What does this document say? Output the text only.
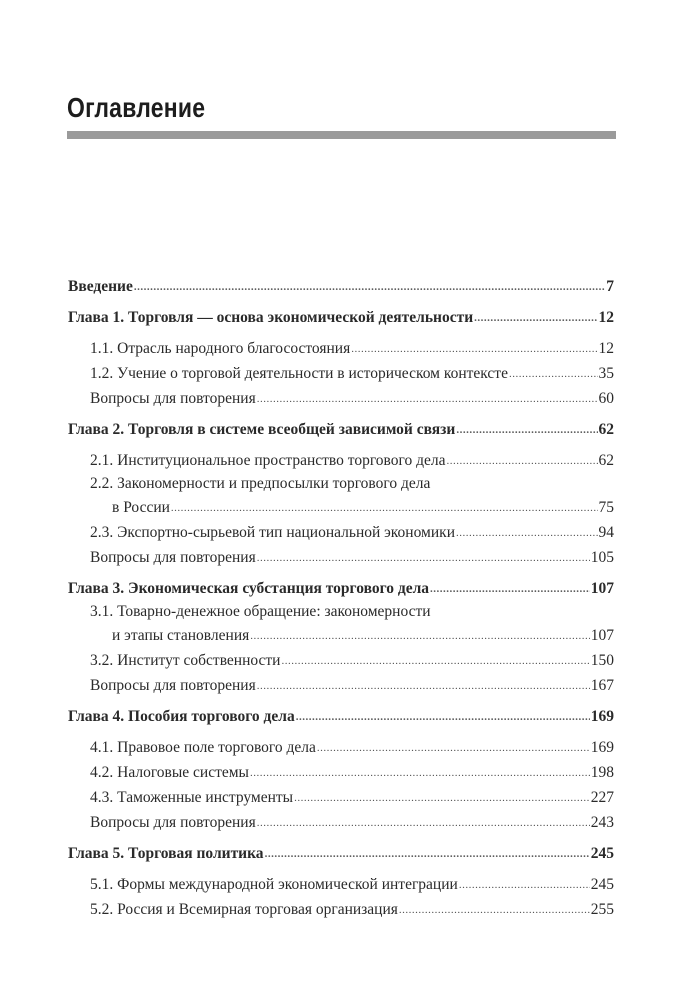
Оглавление
Введение .....	7
Глава 1. Торговля — основа экономической деятельности .....	12
1.1. Отрасль народного благосостояния .....	12
1.2. Учение о торговой деятельности в историческом контексте .....	35
Вопросы для повторения .....	60
Глава 2. Торговля в системе всеобщей зависимой связи .....	62
2.1. Институциональное пространство торгового дела .....	62
2.2. Закономерности и предпосылки торгового дела
в России .....	75
2.3. Экспортно-сырьевой тип национальной экономики .....	94
Вопросы для повторения .....	105
Глава 3. Экономическая субстанция торгового дела .....	107
3.1. Товарно-денежное обращение: закономерности
и этапы становления .....	107
3.2. Институт собственности .....	150
Вопросы для повторения .....	167
Глава 4. Пособия торгового дела .....	169
4.1. Правовое поле торгового дела .....	169
4.2. Налоговые системы .....	198
4.3. Таможенные инструменты .....	227
Вопросы для повторения .....	243
Глава 5. Торговая политика .....	245
5.1. Формы международной экономической интеграции .....	245
5.2. Россия и Всемирная торговая организация .....	255
